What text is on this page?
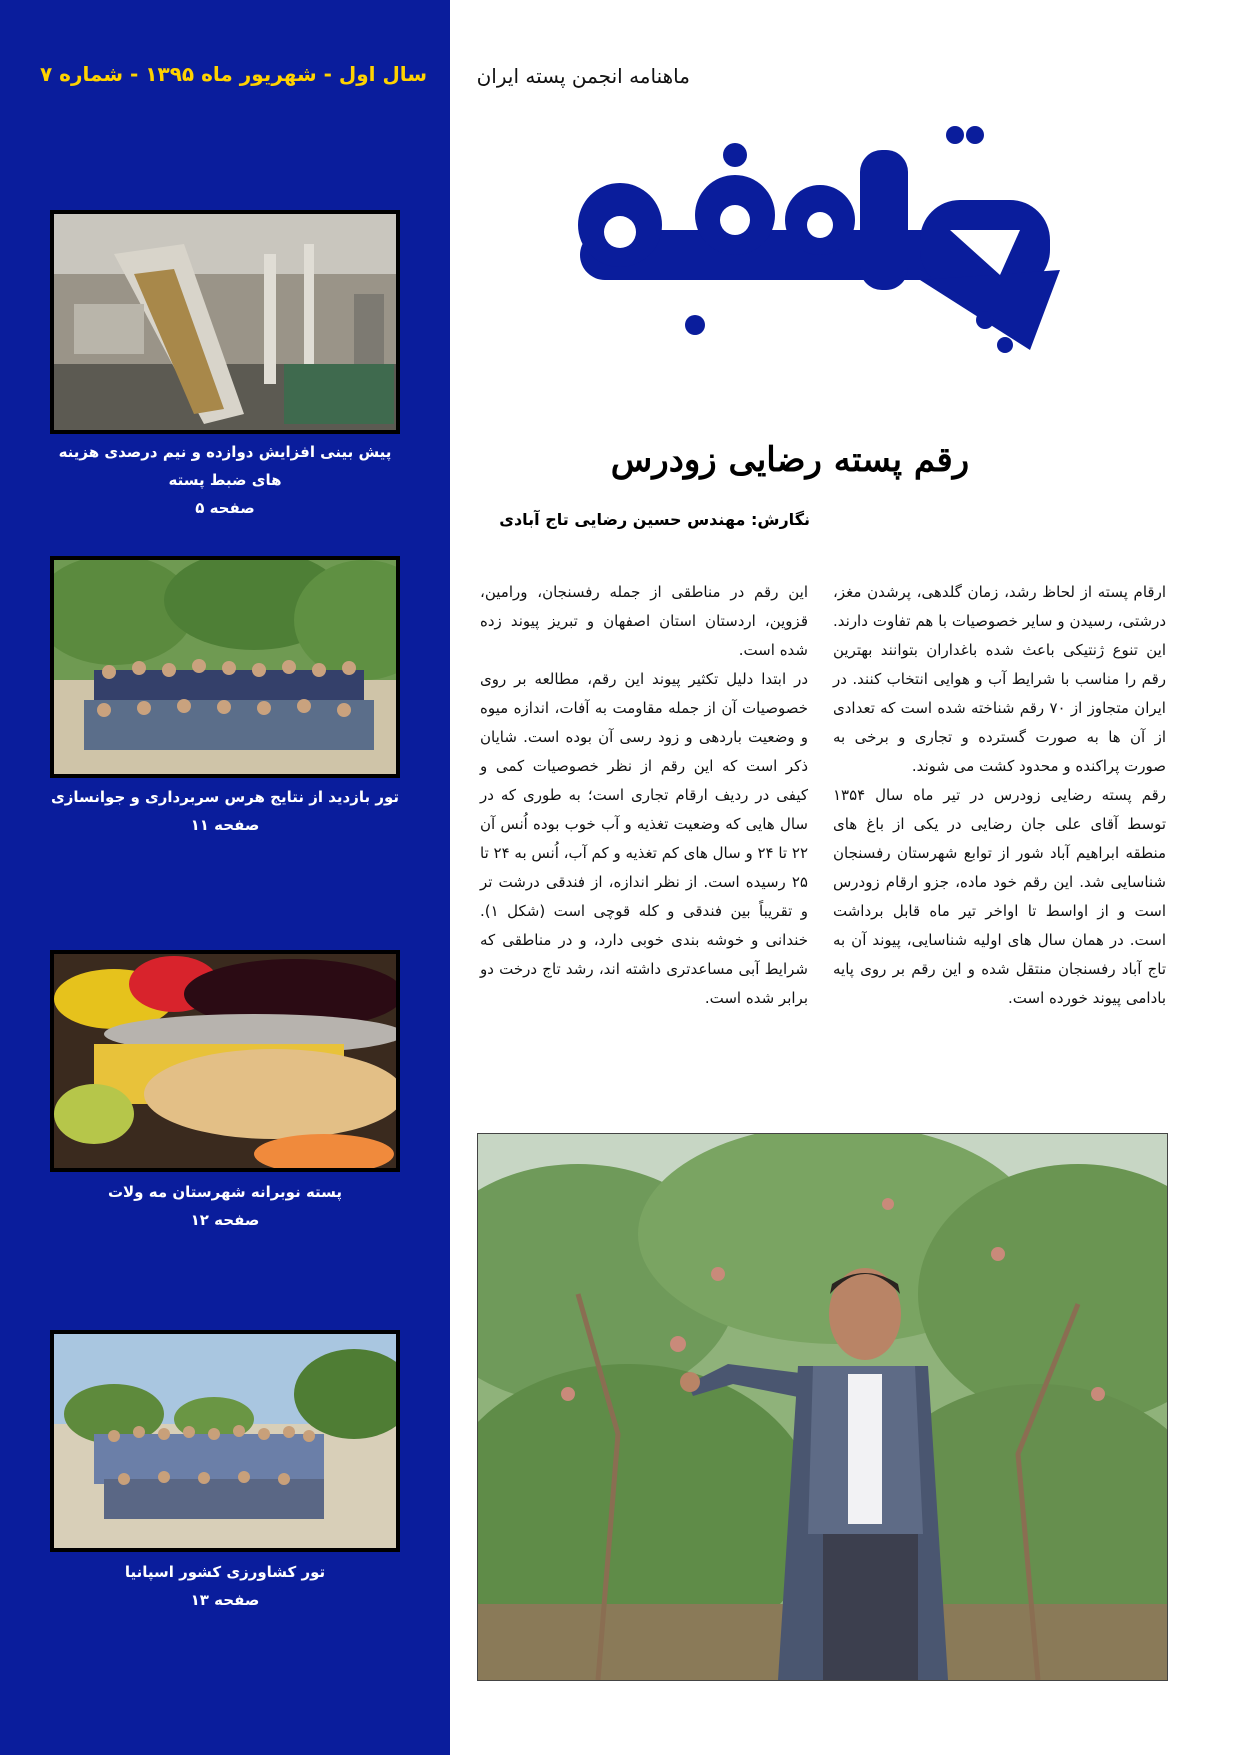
سال اول - شهریور ماه ۱۳۹۵ - شماره ۷	ماهنامه انجمن پسته ایران
پیش بینی افزایش دوازده و نیم درصدی هزینه های ضبط پسته
صفحه ۵
تور بازدید از نتایج هرس سربرداری و جوانسازی
صفحه ۱۱
پسته نوبرانه شهرستان مه ولات
صفحه ۱۲
تور کشاورزی کشور اسپانیا
صفحه ۱۳
رقم پسته رضایی زودرس
نگارش: مهندس حسین رضایی تاج آبادی

ارقام پسته از لحاظ رشد، زمان گلدهی، پرشدن مغز، درشتی، رسیدن و سایر خصوصیات با هم تفاوت دارند. این تنوع ژنتیکی باعث شده باغداران بتوانند بهترین رقم را مناسب با شرایط آب و هوایی انتخاب کنند. در ایران متجاوز از ۷۰ رقم شناخته شده است که تعدادی از آن ها به صورت گسترده و تجاری و برخی به صورت پراکنده و محدود کشت می شوند.

رقم پسته رضایی زودرس در تیر ماه سال ۱۳۵۴ توسط آقای علی جان رضایی در یکی از باغ های منطقه ابراهیم آباد شور از توابع شهرستان رفسنجان شناسایی شد. این رقم خود ماده، جزو ارقام زودرس است و از اواسط تا اواخر تیر ماه قابل برداشت است. در همان سال های اولیه شناسایی، پیوند آن به تاج آباد رفسنجان منتقل شده و این رقم بر روی پایه بادامی پیوند خورده است.

این رقم در مناطقی از جمله رفسنجان، ورامین، قزوین، اردستان استان اصفهان و تبریز پیوند زده شده است.

در ابتدا دلیل تکثیر پیوند این رقم، مطالعه بر روی خصوصیات آن از جمله مقاومت به آفات، اندازه میوه و وضعیت باردهی و زود رسی آن بوده است. شایان ذکر است که این رقم از نظر خصوصیات کمی و کیفی در ردیف ارقام تجاری است؛ به طوری که در سال هایی که وضعیت تغذیه و آب خوب بوده اُنس آن ۲۲ تا ۲۴ و سال های کم تغذیه و کم آب، اُنس به ۲۴ تا ۲۵ رسیده است. از نظر اندازه، از فندقی درشت تر و تقریباً بین فندقی و کله قوچی است (شکل ۱). خندانی و خوشه بندی خوبی دارد، و در مناطقی که شرایط آبی مساعدتری داشته اند، رشد تاج درخت دو برابر شده است.
